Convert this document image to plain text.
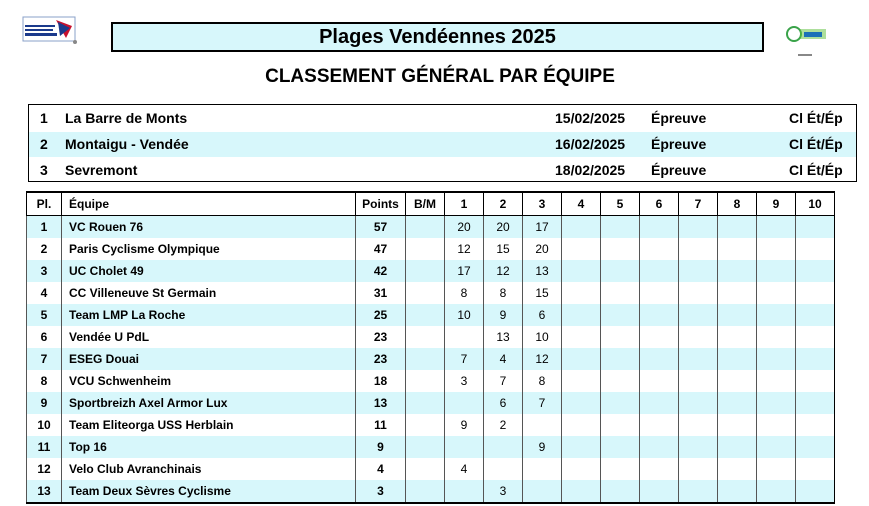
Plages Vendéennes 2025
CLASSEMENT GÉNÉRAL PAR ÉQUIPE
1 La Barre de Monts	15/02/2025 Épreuve	Cl Ét/Ép
2 Montaigu - Vendée	16/02/2025 Épreuve	Cl Ét/Ép
3 Sevremont	18/02/2025 Épreuve	Cl Ét/Ép
Pl.	Équipe	Points	B/M	1	2	3	4	5	6	7	8	9	10
1	VC Rouen 76	57		20	20	17							
2	Paris Cyclisme Olympique	47		12	15	20							
3	UC Cholet 49	42		17	12	13							
4	CC Villeneuve St Germain	31		8	8	15							
5	Team LMP La Roche	25		10	9	6							
6	Vendée U PdL	23			13	10							
7	ESEG Douai	23		7	4	12							
8	VCU Schwenheim	18		3	7	8							
9	Sportbreizh Axel Armor Lux	13			6	7							
10	Team Eliteorga USS Herblain	11		9	2								
11	Top 16	9				9							
12	Velo Club Avranchinais	4		4									
13	Team Deux Sèvres Cyclisme	3			3								
